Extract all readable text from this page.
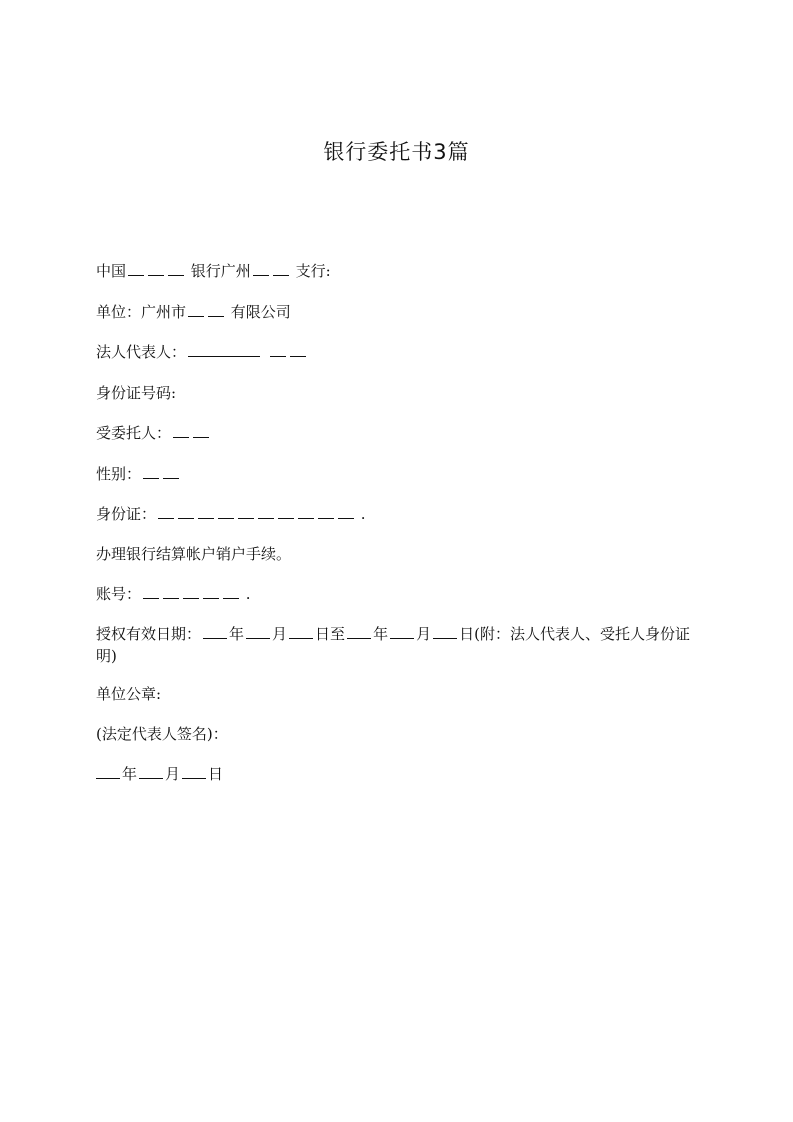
银行委托书3篇
中国	银行广州	支行:
单位：广州市	有限公司
法人代表人：
身份证号码:
受委托人：
性别：
身份证：	.
办理银行结算帐户销户手续。
账号：	.
授权有效日期： 年 月 日至 年 月 日(附：法人代表人、受托人身份证明)
单位公章:
(法定代表人签名)：
年 月 日
